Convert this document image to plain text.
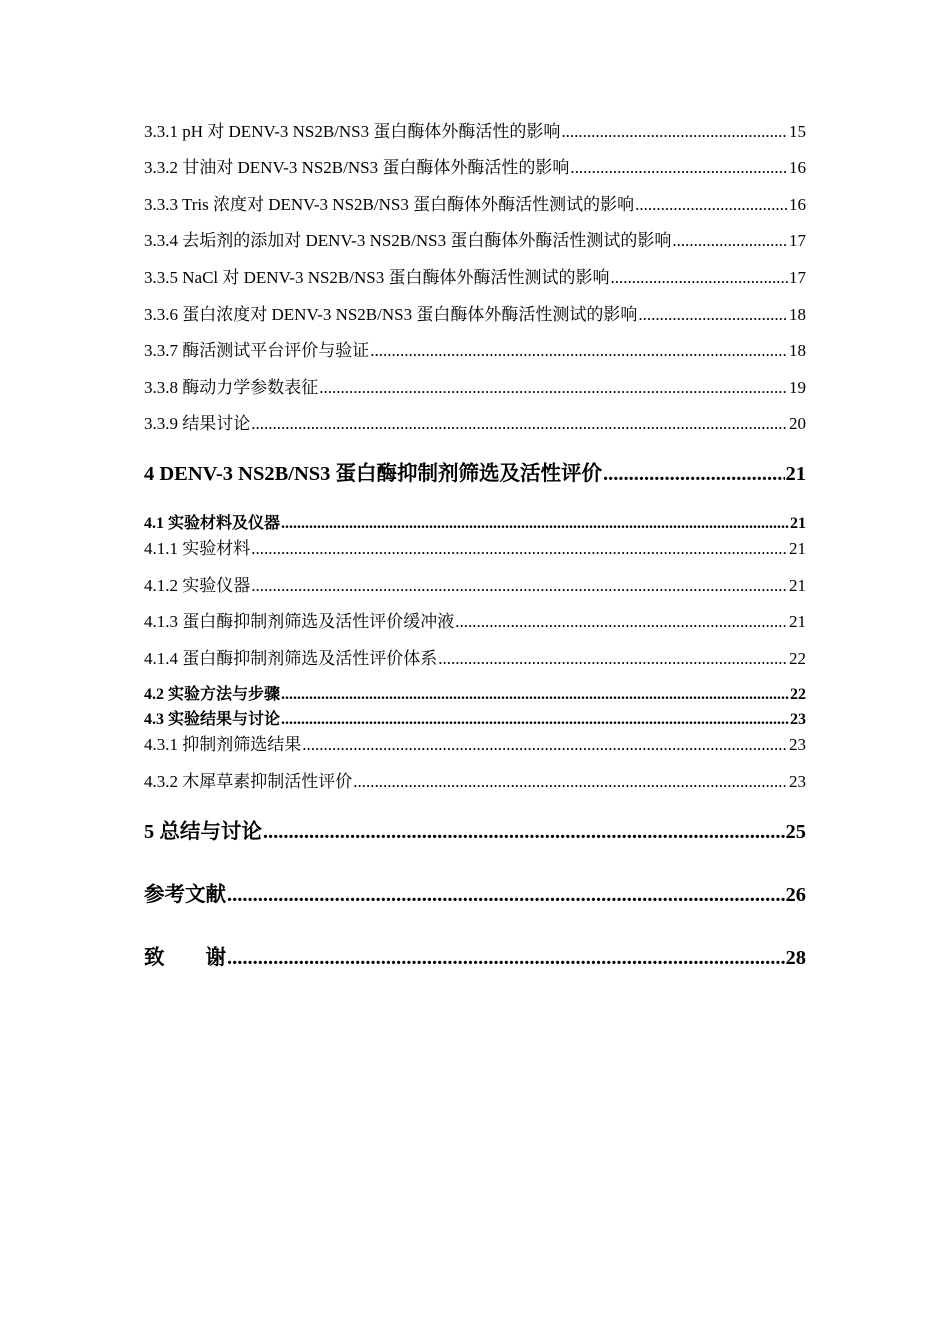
3.3.1 pH 对 DENV-3 NS2B/NS3 蛋白酶体外酶活性的影响 .....	15
3.3.2 甘油对 DENV-3 NS2B/NS3 蛋白酶体外酶活性的影响 .....	16
3.3.3 Tris 浓度对 DENV-3 NS2B/NS3 蛋白酶体外酶活性测试的影响 .....	16
3.3.4 去垢剂的添加对 DENV-3 NS2B/NS3 蛋白酶体外酶活性测试的影响 .....	17
3.3.5 NaCl 对 DENV-3 NS2B/NS3 蛋白酶体外酶活性测试的影响 .....	17
3.3.6 蛋白浓度对 DENV-3 NS2B/NS3 蛋白酶体外酶活性测试的影响 .....	18
3.3.7 酶活测试平台评价与验证 .....	18
3.3.8 酶动力学参数表征 .....	19
3.3.9 结果讨论 .....	20
4 DENV-3 NS2B/NS3 蛋白酶抑制剂筛选及活性评价 .....	21
4.1 实验材料及仪器 .....	21
4.1.1 实验材料 .....	21
4.1.2 实验仪器 .....	21
4.1.3 蛋白酶抑制剂筛选及活性评价缓冲液 .....	21
4.1.4 蛋白酶抑制剂筛选及活性评价体系 .....	22
4.2 实验方法与步骤 .....	22
4.3 实验结果与讨论 .....	23
4.3.1 抑制剂筛选结果 .....	23
4.3.2 木犀草素抑制活性评价 .....	23
5 总结与讨论 .....	25
参考文献 .....	26
致　　谢 .....	28
